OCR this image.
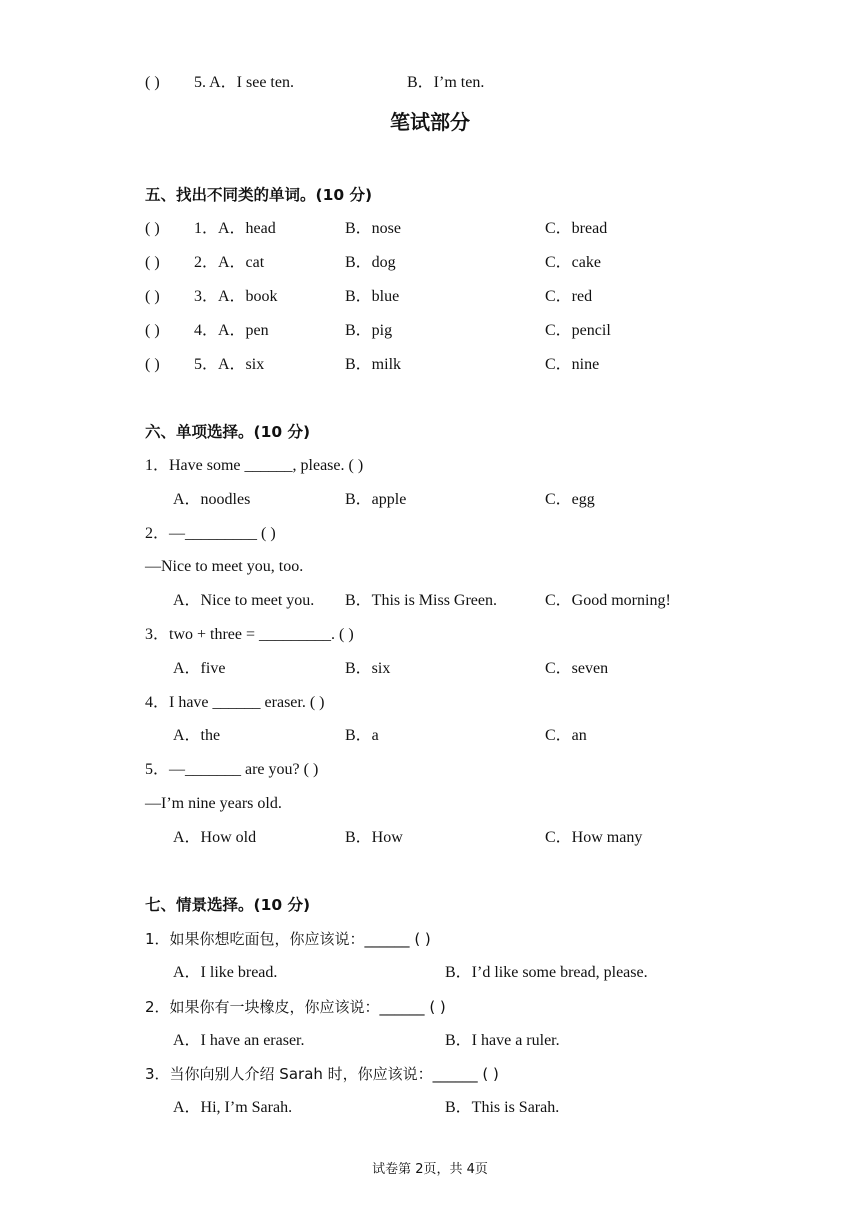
( ) 5. A．I see ten.	B．I’m ten.
笔试部分
五、找出不同类的单词。(10 分)
( ) 1．A．head	B．nose	C．bread
( ) 2．A．cat	B．dog	C．cake
( ) 3．A．book	B．blue	C．red
( ) 4．A．pen	B．pig	C．pencil
( ) 5．A．six	B．milk	C．nine
六、单项选择。(10 分)
1．Have some ______, please. ( )
A．noodles	B．apple	C．egg
2．—_________ ( )
—Nice to meet you, too.
A．Nice to meet you. B．This is Miss Green.	C．Good morning!
3．two + three = _________. ( )
A．five	B．six	C．seven
4．I have ______ eraser. ( )
A．the	B．a	C．an
5．—_______ are you? ( )
—I’m nine years old.
A．How old	B．How	C．How many
七、情景选择。(10 分)
1．如果你想吃面包，你应该说：______ ( )
A．I like bread.	B．I’d like some bread, please.
2．如果你有一块橡皮，你应该说：______ ( )
A．I have an eraser.	B．I have a ruler.
3．当你向别人介绍 Sarah 时，你应该说：______ ( )
A．Hi, I’m Sarah.	B．This is Sarah.
试卷第 2页，共 4页
